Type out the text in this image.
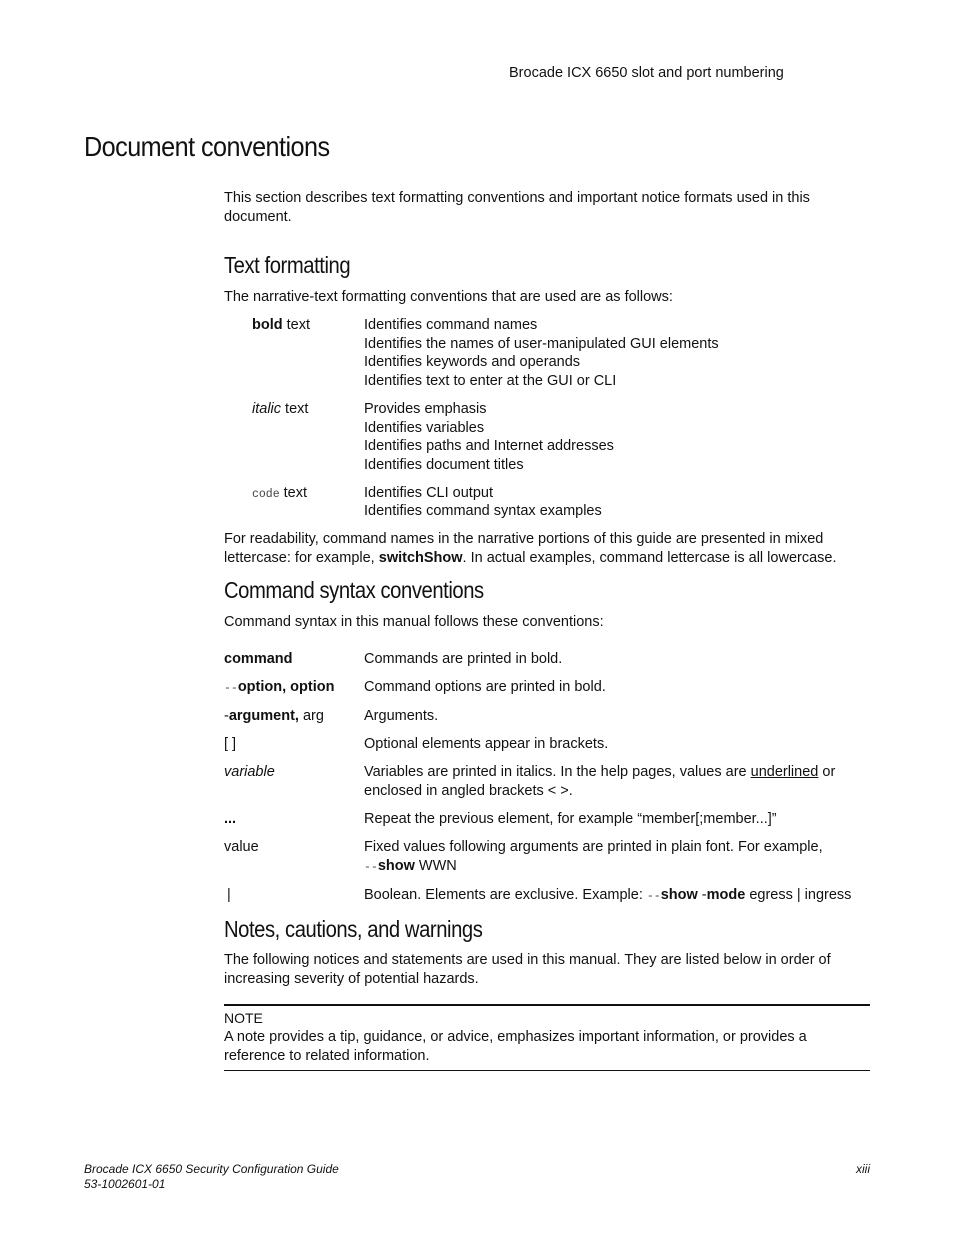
Brocade ICX 6650 slot and port numbering
Document conventions

This section describes text formatting conventions and important notice formats used in this document.

Text formatting

The narrative-text formatting conventions that are used are as follows:

bold text	Identifies command names
Identifies the names of user-manipulated GUI elements
Identifies keywords and operands
Identifies text to enter at the GUI or CLI
italic text	Provides emphasis
Identifies variables
Identifies paths and Internet addresses
Identifies document titles
code text	Identifies CLI output
Identifies command syntax examples

For readability, command names in the narrative portions of this guide are presented in mixed lettercase: for example, switchShow. In actual examples, command lettercase is all lowercase.

Command syntax conventions

Command syntax in this manual follows these conventions:

command	Commands are printed in bold.
--option, option	Command options are printed in bold.
-argument, arg	Arguments.
[ ]	Optional elements appear in brackets.
variable	Variables are printed in italics. In the help pages, values are underlined or enclosed in angled brackets < >.
...	Repeat the previous element, for example “member[;member...]”
value	Fixed values following arguments are printed in plain font. For example,
--show WWN
|	Boolean. Elements are exclusive. Example: --show -mode egress | ingress
Notes, cautions, and warnings

The following notices and statements are used in this manual. They are listed below in order of increasing severity of potential hazards.

NOTE
A note provides a tip, guidance, or advice, emphasizes important information, or provides a reference to related information.
Brocade ICX 6650 Security Configuration Guide
53-1002601-01
xiii
